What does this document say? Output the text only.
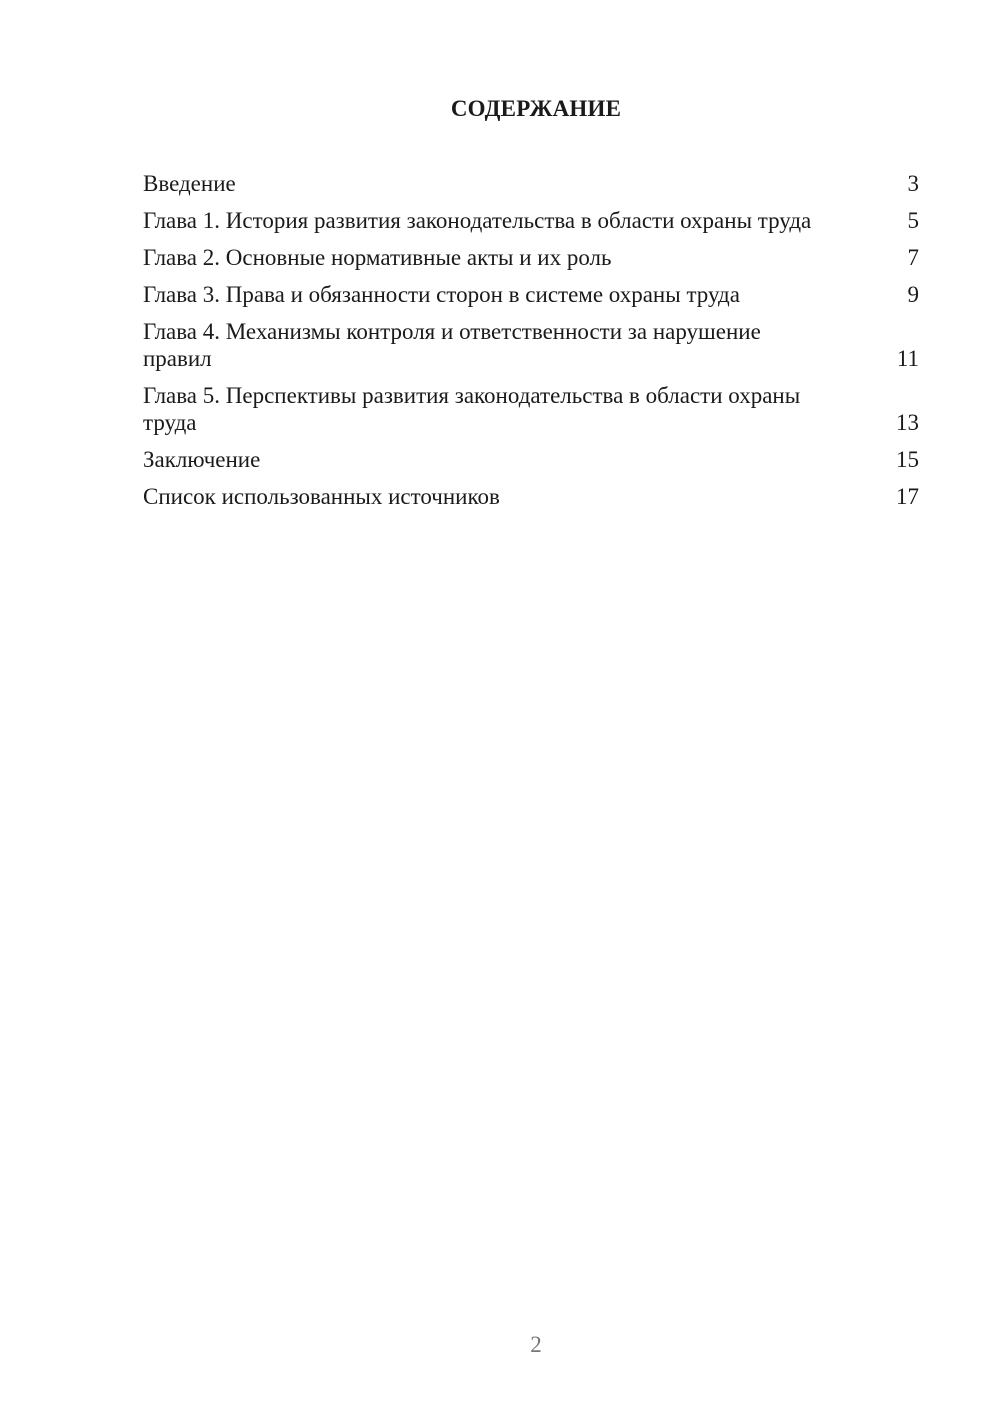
СОДЕРЖАНИЕ
Введение	3
Глава 1. История развития законодательства в области охраны труда	5
Глава 2. Основные нормативные акты и их роль	7
Глава 3. Права и обязанности сторон в системе охраны труда	9
Глава 4. Механизмы контроля и ответственности за нарушение правил	11
Глава 5. Перспективы развития законодательства в области охраны труда	13
Заключение	15
Список использованных источников	17
2
